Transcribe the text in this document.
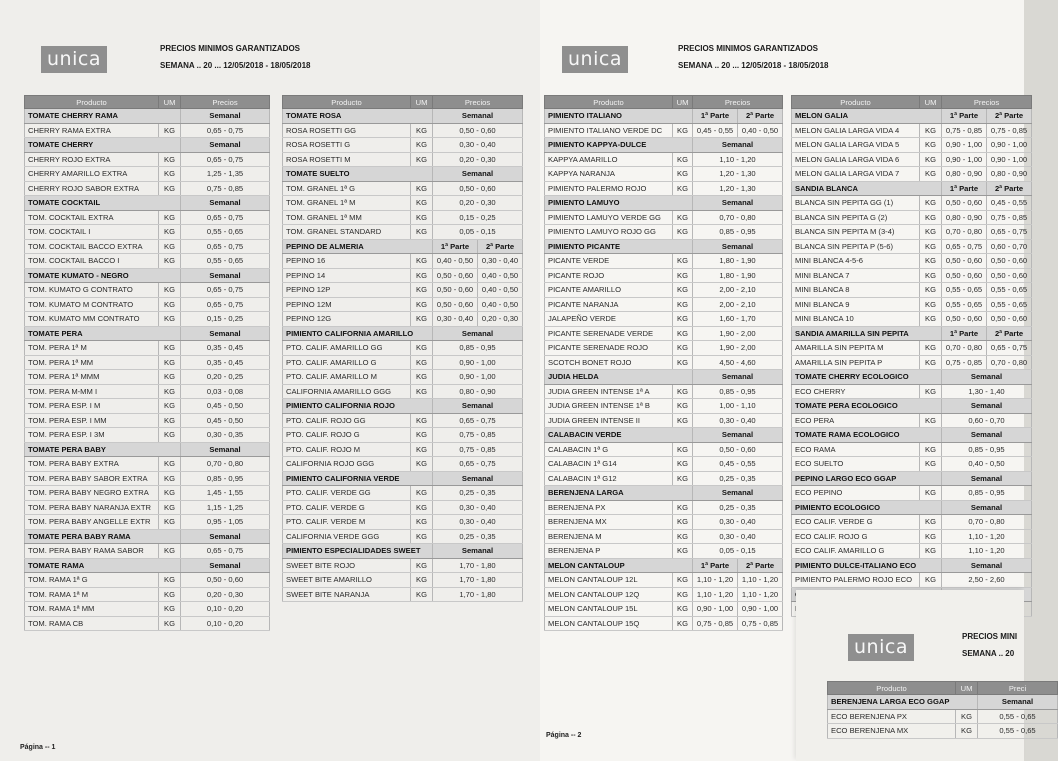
unica	PRECIOS MINIMOS GARANTIZADOS
SEMANA .. 20 ... 12/05/2018 - 18/05/2018
Producto	UM	Precios
TOMATE CHERRY RAMA		Semanal
CHERRY RAMA EXTRA	KG	0,65 - 0,75
TOMATE CHERRY		Semanal
CHERRY ROJO EXTRA	KG	0,65 - 0,75
CHERRY AMARILLO EXTRA	KG	1,25 - 1,35
CHERRY ROJO SABOR EXTRA	KG	0,75 - 0,85
TOMATE COCKTAIL		Semanal
TOM. COCKTAIL EXTRA	KG	0,65 - 0,75
TOM. COCKTAIL I	KG	0,55 - 0,65
TOM. COCKTAIL BACCO EXTRA	KG	0,65 - 0,75
TOM. COCKTAIL BACCO I	KG	0,55 - 0,65
TOMATE KUMATO - NEGRO		Semanal
TOM. KUMATO G CONTRATO	KG	0,65 - 0,75
TOM. KUMATO M CONTRATO	KG	0,65 - 0,75
TOM. KUMATO MM CONTRATO	KG	0,15 - 0,25
TOMATE PERA		Semanal
TOM. PERA 1ª M	KG	0,35 - 0,45
TOM. PERA 1ª MM	KG	0,35 - 0,45
TOM. PERA 1ª MMM	KG	0,20 - 0,25
TOM. PERA M-MM I	KG	0,03 - 0,08
TOM. PERA ESP. I M	KG	0,45 - 0,50
TOM. PERA ESP. I MM	KG	0,45 - 0,50
TOM. PERA ESP. I 3M	KG	0,30 - 0,35
TOMATE PERA BABY		Semanal
TOM. PERA BABY EXTRA	KG	0,70 - 0,80
TOM. PERA BABY SABOR EXTRA	KG	0,85 - 0,95
TOM. PERA BABY NEGRO EXTRA	KG	1,45 - 1,55
TOM. PERA BABY NARANJA EXTR	KG	1,15 - 1,25
TOM. PERA BABY ANGELLE EXTR	KG	0,95 - 1,05
TOMATE PERA BABY RAMA		Semanal
TOM. PERA BABY RAMA SABOR	KG	0,65 - 0,75
TOMATE RAMA		Semanal
TOM. RAMA 1ª G	KG	0,50 - 0,60
TOM. RAMA 1ª M	KG	0,20 - 0,30
TOM. RAMA 1ª MM	KG	0,10 - 0,20
TOM. RAMA CB	KG	0,10 - 0,20
Producto	UM	Precios	
TOMATE ROSA		Semanal	
ROSA ROSETTI GG	KG	0,50 - 0,60	
ROSA ROSETTI G	KG	0,30 - 0,40	
ROSA ROSETTI M	KG	0,20 - 0,30	
TOMATE SUELTO		Semanal	
TOM. GRANEL 1ª G	KG	0,50 - 0,60	
TOM. GRANEL 1ª M	KG	0,20 - 0,30	
TOM. GRANEL 1ª MM	KG	0,15 - 0,25	
TOM. GRANEL STANDARD	KG	0,05 - 0,15	
PEPINO DE ALMERIA		1ª Parte	2ª Parte
PEPINO 16	KG	0,40 - 0,50	0,30 - 0,40
PEPINO 14	KG	0,50 - 0,60	0,40 - 0,50
PEPINO 12P	KG	0,50 - 0,60	0,40 - 0,50
PEPINO 12M	KG	0,50 - 0,60	0,40 - 0,50
PEPINO 12G	KG	0,30 - 0,40	0,20 - 0,30
PIMIENTO CALIFORNIA AMARILLO		Semanal	
PTO. CALIF. AMARILLO GG	KG	0,85 - 0,95	
PTO. CALIF. AMARILLO G	KG	0,90 - 1,00	
PTO. CALIF. AMARILLO M	KG	0,90 - 1,00	
CALIFORNIA AMARILLO GGG	KG	0,80 - 0,90	
PIMIENTO CALIFORNIA ROJO		Semanal	
PTO. CALIF. ROJO GG	KG	0,65 - 0,75	
PTO. CALIF. ROJO G	KG	0,75 - 0,85	
PTO. CALIF. ROJO M	KG	0,75 - 0,85	
CALIFORNIA ROJO GGG	KG	0,65 - 0,75	
PIMIENTO CALIFORNIA VERDE		Semanal	
PTO. CALIF. VERDE GG	KG	0,25 - 0,35	
PTO. CALIF. VERDE G	KG	0,30 - 0,40	
PTO. CALIF. VERDE M	KG	0,30 - 0,40	
CALIFORNIA VERDE GGG	KG	0,25 - 0,35	
PIMIENTO ESPECIALIDADES SWEET		Semanal	
SWEET BITE ROJO	KG	1,70 - 1,80	
SWEET BITE AMARILLO	KG	1,70 - 1,80	
SWEET BITE NARANJA	KG	1,70 - 1,80	
Página -- 1
unica	PRECIOS MINIMOS GARANTIZADOS
SEMANA .. 20 ... 12/05/2018 - 18/05/2018
Producto	UM	Precios	
PIMIENTO ITALIANO		1ª Parte	2ª Parte
PIMIENTO ITALIANO VERDE DC	KG	0,45 - 0,55	0,40 - 0,50
PIMIENTO KAPPYA-DULCE		Semanal	
KAPPYA AMARILLO	KG	1,10 - 1,20	
KAPPYA NARANJA	KG	1,20 - 1,30	
PIMIENTO PALERMO ROJO	KG	1,20 - 1,30	
PIMIENTO LAMUYO		Semanal	
PIMIENTO LAMUYO VERDE GG	KG	0,70 - 0,80	
PIMIENTO LAMUYO ROJO GG	KG	0,85 - 0,95	
PIMIENTO PICANTE		Semanal	
PICANTE VERDE	KG	1,80 - 1,90	
PICANTE ROJO	KG	1,80 - 1,90	
PICANTE AMARILLO	KG	2,00 - 2,10	
PICANTE NARANJA	KG	2,00 - 2,10	
JALAPEÑO VERDE	KG	1,60 - 1,70	
PICANTE SERENADE VERDE	KG	1,90 - 2,00	
PICANTE SERENADE ROJO	KG	1,90 - 2,00	
SCOTCH BONET ROJO	KG	4,50 - 4,60	
JUDIA HELDA		Semanal	
JUDIA GREEN INTENSE 1ª A	KG	0,85 - 0,95	
JUDIA GREEN INTENSE 1ª B	KG	1,00 - 1,10	
JUDIA GREEN INTENSE II	KG	0,30 - 0,40	
CALABACIN VERDE		Semanal	
CALABACIN 1ª G	KG	0,50 - 0,60	
CALABACIN 1ª G14	KG	0,45 - 0,55	
CALABACIN 1ª G12	KG	0,25 - 0,35	
BERENJENA LARGA		Semanal	
BERENJENA PX	KG	0,25 - 0,35	
BERENJENA MX	KG	0,30 - 0,40	
BERENJENA M	KG	0,30 - 0,40	
BERENJENA P	KG	0,05 - 0,15	
MELON CANTALOUP		1ª Parte	2ª Parte
MELON CANTALOUP 12L	KG	1,10 - 1,20	1,10 - 1,20
MELON CANTALOUP 12Q	KG	1,10 - 1,20	1,10 - 1,20
MELON CANTALOUP 15L	KG	0,90 - 1,00	0,90 - 1,00
MELON CANTALOUP 15Q	KG	0,75 - 0,85	0,75 - 0,85
Producto	UM	Precios	
MELON GALIA		1ª Parte	2ª Parte
MELON GALIA LARGA VIDA 4	KG	0,75 - 0,85	0,75 - 0,85
MELON GALIA LARGA VIDA 5	KG	0,90 - 1,00	0,90 - 1,00
MELON GALIA LARGA VIDA 6	KG	0,90 - 1,00	0,90 - 1,00
MELON GALIA LARGA VIDA 7	KG	0,80 - 0,90	0,80 - 0,90
SANDIA BLANCA		1ª Parte	2ª Parte
BLANCA SIN PEPITA GG (1)	KG	0,50 - 0,60	0,45 - 0,55
BLANCA SIN PEPITA G (2)	KG	0,80 - 0,90	0,75 - 0,85
BLANCA SIN PEPITA M (3-4)	KG	0,70 - 0,80	0,65 - 0,75
BLANCA SIN PEPITA P (5-6)	KG	0,65 - 0,75	0,60 - 0,70
MINI BLANCA 4-5-6	KG	0,50 - 0,60	0,50 - 0,60
MINI BLANCA 7	KG	0,50 - 0,60	0,50 - 0,60
MINI BLANCA 8	KG	0,55 - 0,65	0,55 - 0,65
MINI BLANCA 9	KG	0,55 - 0,65	0,55 - 0,65
MINI BLANCA 10	KG	0,50 - 0,60	0,50 - 0,60
SANDIA AMARILLA SIN PEPITA		1ª Parte	2ª Parte
AMARILLA SIN PEPITA M	KG	0,70 - 0,80	0,65 - 0,75
AMARILLA SIN PEPITA P	KG	0,75 - 0,85	0,70 - 0,80
TOMATE CHERRY ECOLOGICO		Semanal	
ECO CHERRY	KG	1,30 - 1,40	
TOMATE PERA ECOLOGICO		Semanal	
ECO PERA	KG	0,60 - 0,70	
TOMATE RAMA ECOLOGICO		Semanal	
ECO RAMA	KG	0,85 - 0,95	
ECO SUELTO	KG	0,40 - 0,50	
PEPINO LARGO ECO GGAP		Semanal	
ECO PEPINO	KG	0,85 - 0,95	
PIMIENTO ECOLOGICO		Semanal	
ECO CALIF. VERDE G	KG	0,70 - 0,80	
ECO CALIF. ROJO G	KG	1,10 - 1,20	
ECO CALIF. AMARILLO G	KG	1,10 - 1,20	
PIMIENTO DULCE-ITALIANO ECO		Semanal	
PIMIENTO PALERMO ROJO ECO	KG	2,50 - 2,60	

Página -- 2
unica	PRECIOS MINI
SEMANA .. 20
Producto	UM	Preci
BERENJENA LARGA ECO GGAP		Semanal
ECO BERENJENA PX	KG	0,55 - 0,65
ECO BERENJENA MX	KG	0,55 - 0,65
